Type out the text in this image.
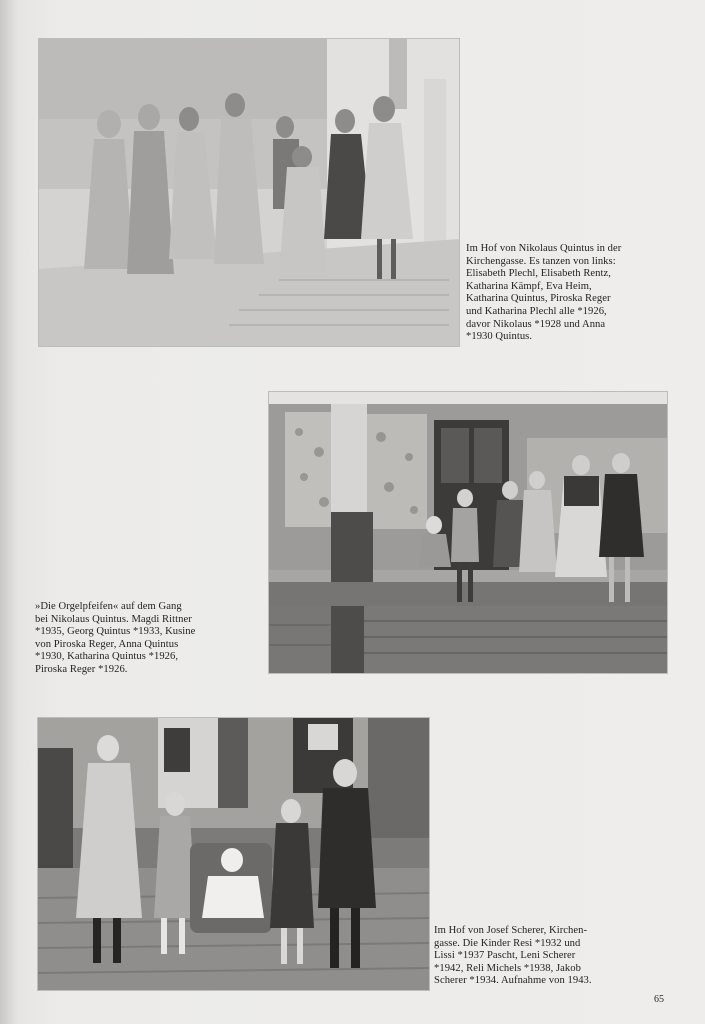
Im Hof von Nikolaus Quintus in der
Kirchengasse. Es tanzen von links:
Elisabeth Plechl, Elisabeth Rentz,
Katharina Kämpf, Eva Heim,
Katharina Quintus, Piroska Reger
und Katharina Plechl alle *1926,
davor Nikolaus *1928 und Anna
*1930 Quintus.
»Die Orgelpfeifen« auf dem Gang
bei Nikolaus Quintus. Magdi Rittner
*1935, Georg Quintus *1933, Kusine
von Piroska Reger, Anna Quintus
*1930, Katharina Quintus *1926,
Piroska Reger *1926.
Im Hof von Josef Scherer, Kirchen-
gasse. Die Kinder Resi *1932 und
Lissi *1937 Pascht, Leni Scherer
*1942, Reli Michels *1938, Jakob
Scherer *1934. Aufnahme von 1943.
65
